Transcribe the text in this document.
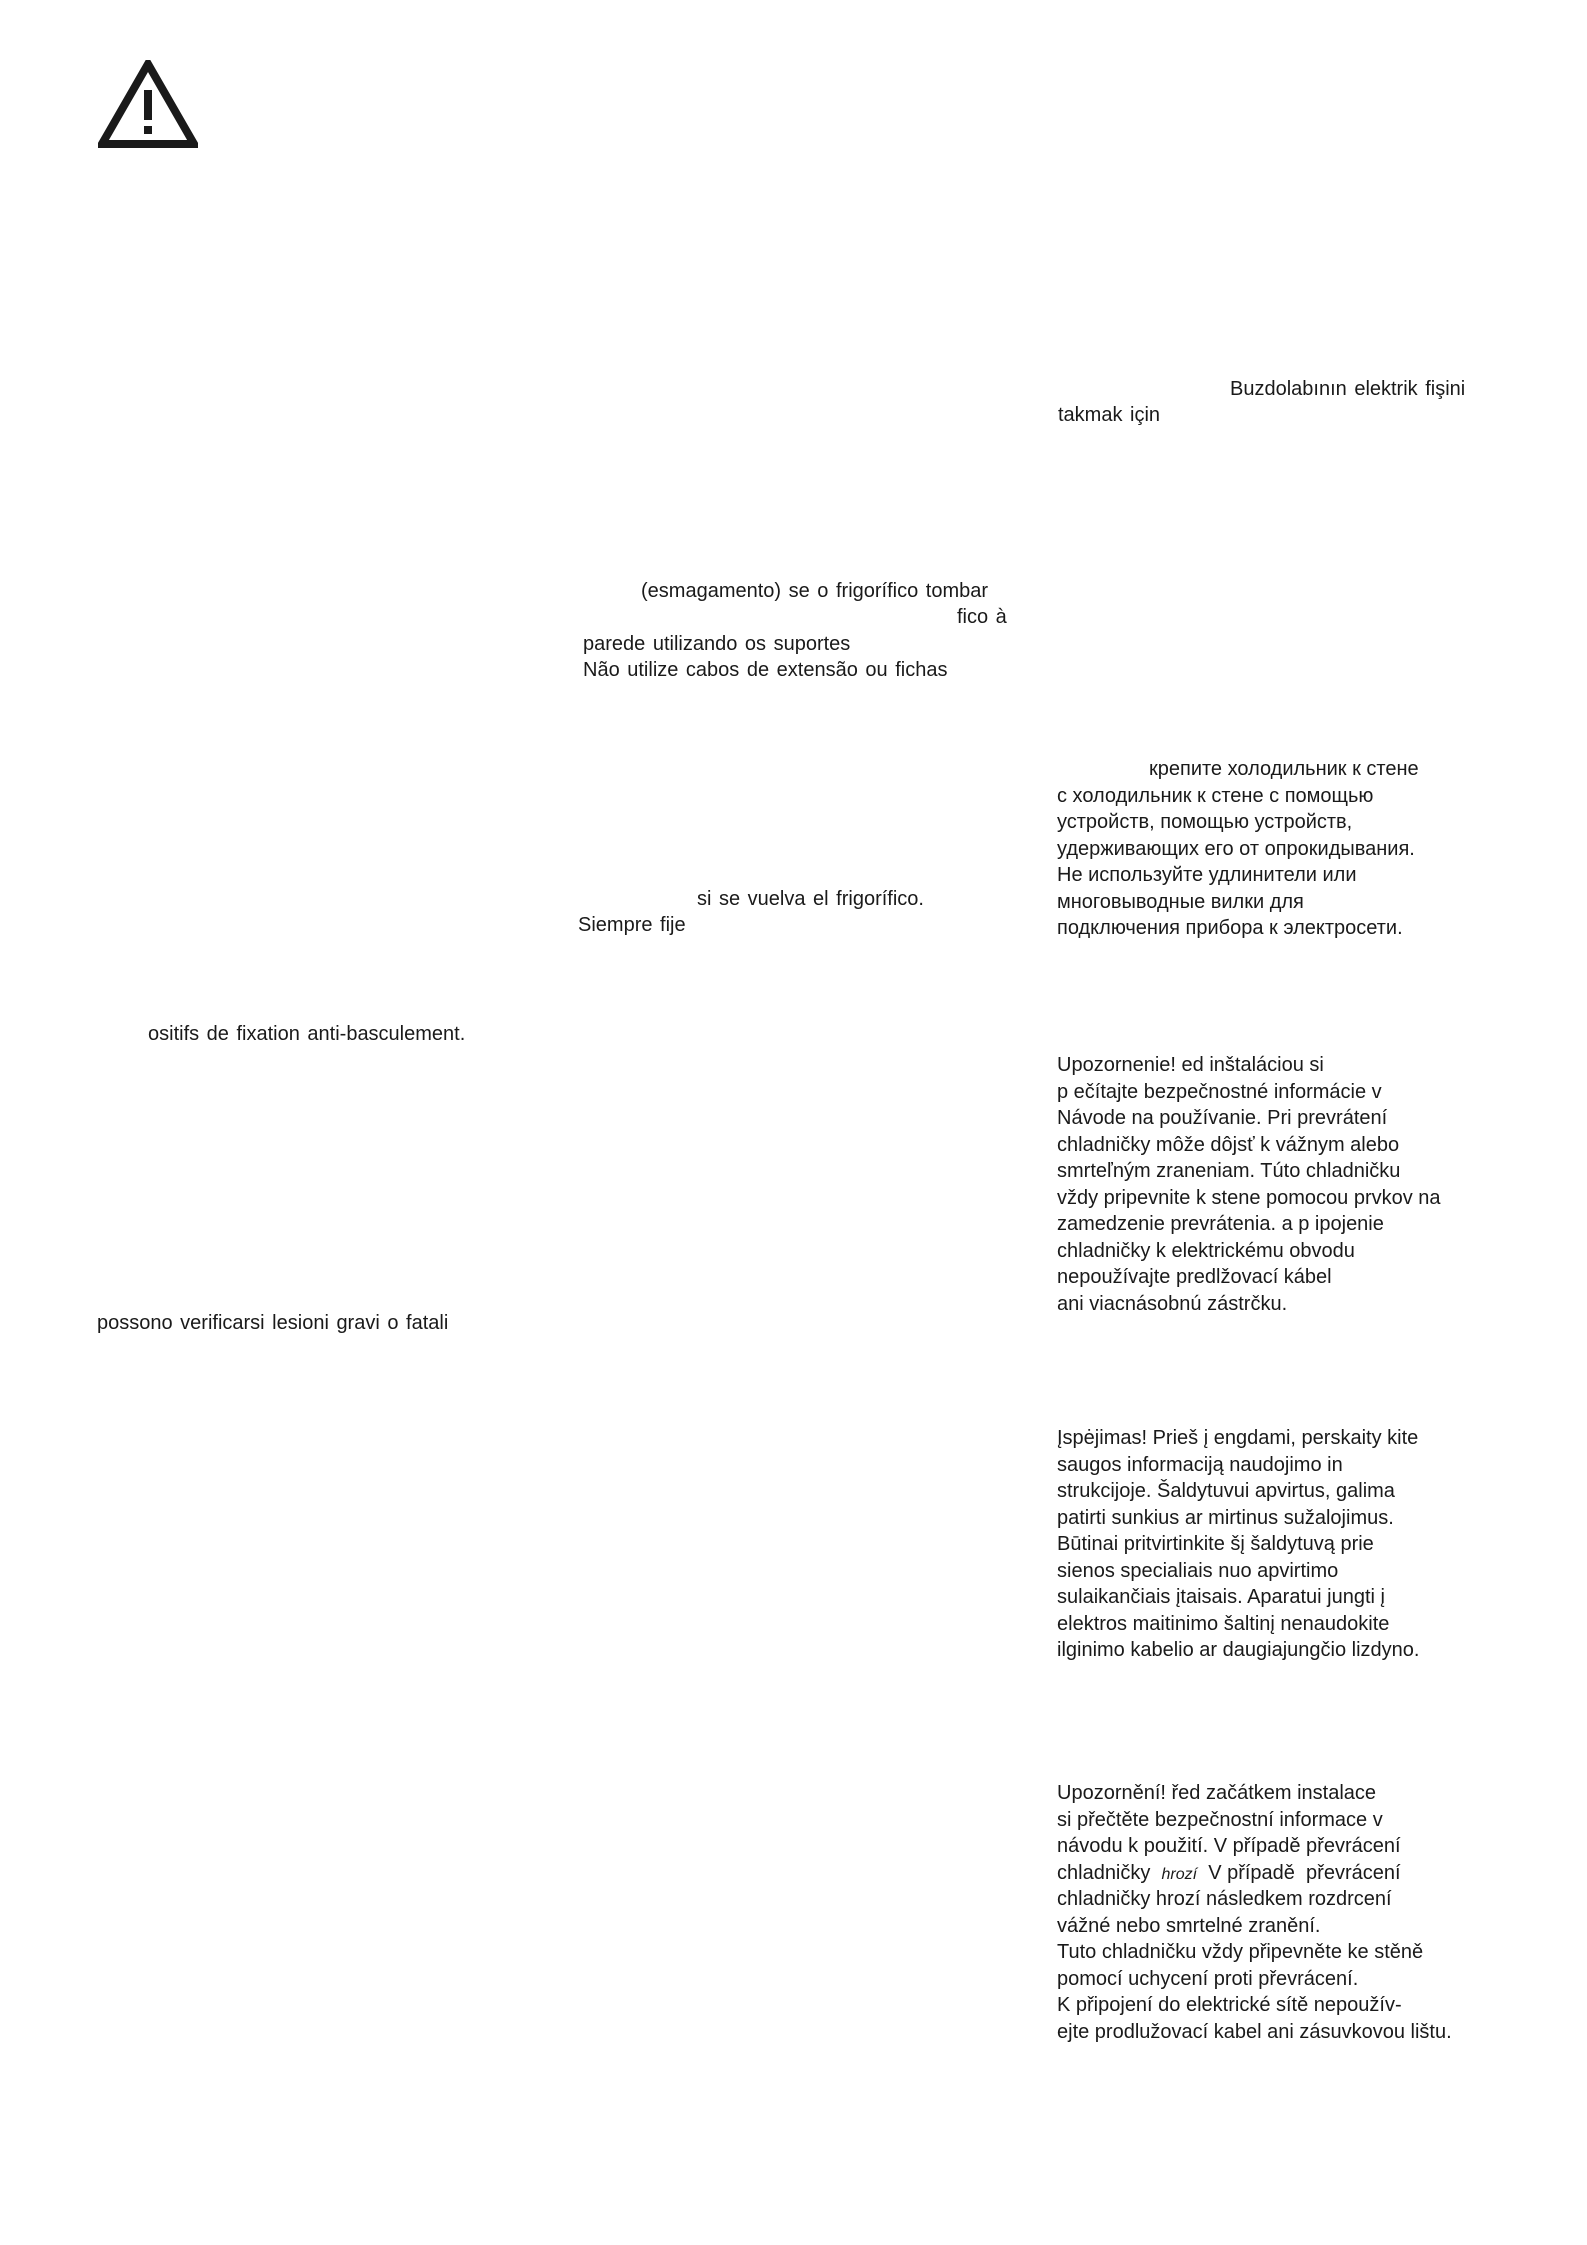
Buzdolabının elektrik fişini
takmak için
(esmagamento) se o frigorífico tombar
fico à
parede utilizando os suportes
Não utilize cabos de extensão ou fichas
si se vuelva el frigorífico.
Siempre fije
ositifs de fixation anti-basculement.
possono verificarsi lesioni gravi o fatali
крепите холодильник к стене
с холодильник к стене с помощью
устройств, помощью устройств,
удерживающих его от опрокидывания.
Не используйте удлинители или
многовыводные вилки для
подключения прибора к электросети.
Upozornenie! ed inštaláciou si
p ečítajte bezpečnostné informácie v
Návode na používanie. Pri prevrátení
chladničky môže dôjsť k vážnym alebo
smrteľným zraneniam. Túto chladničku
vždy pripevnite k stene pomocou prvkov na
zamedzenie prevrátenia. a p ipojenie
chladničky k elektrickému obvodu
nepoužívajte predlžovací kábel
ani viacnásobnú zástrčku.
Įspėjimas! Prieš į engdami, perskaity kite
saugos informaciją naudojimo in
strukcijoje. Šaldytuvui apvirtus, galima
patirti sunkius ar mirtinus sužalojimus.
Būtinai pritvirtinkite šį šaldytuvą prie
sienos specialiais nuo apvirtimo
sulaikančiais įtaisais. Aparatui jungti į
elektros maitinimo šaltinį nenaudokite
ilginimo kabelio ar daugiajungčio lizdyno.
Upozornění! řed začátkem instalace
si přečtěte bezpečnostní informace v
návodu k použití. V případě převrácení
chladničky  hrozí  V případě  převrácení
chladničky hrozí následkem rozdrcení
vážné nebo smrtelné zranění.
Tuto chladničku vždy připevněte ke stěně
pomocí uchycení proti převrácení.
K připojení do elektrické sítě nepoužív-
ejte prodlužovací kabel ani zásuvkovou lištu.
